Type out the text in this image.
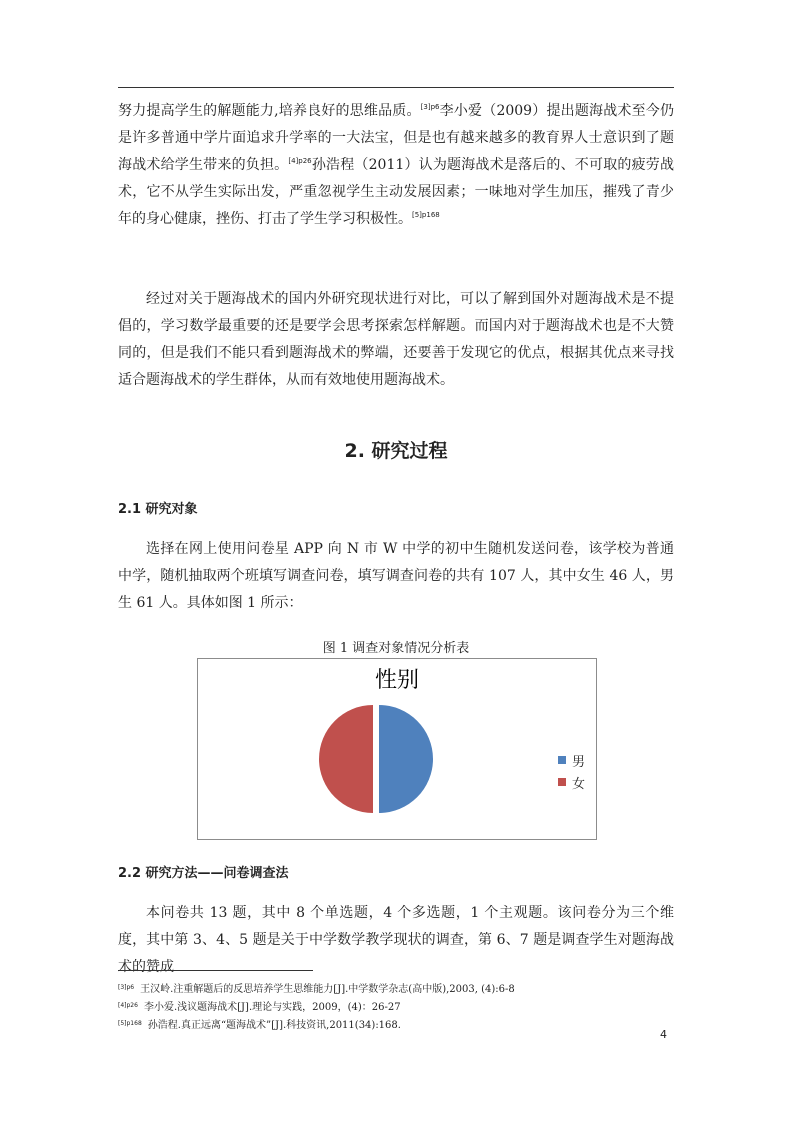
努力提高学生的解题能力,培养良好的思维品质。$^{[3]p6}$李小爱（2009）提出题海战术至今仍是许多普通中学片面追求升学率的一大法宝，但是也有越来越多的教育界人士意识到了题海战术给学生带来的负担。$^{[4]p26}$孙浩程（2011）认为题海战术是落后的、不可取的疲劳战术，它不从学生实际出发，严重忽视学生主动发展因素；一味地对学生加压，摧残了青少年的身心健康，挫伤、打击了学生学习积极性。$^{[5]p168}$

经过对关于题海战术的国内外研究现状进行对比，可以了解到国外对题海战术是不提倡的，学习数学最重要的还是要学会思考探索怎样解题。而国内对于题海战术也是不大赞同的，但是我们不能只看到题海战术的弊端，还要善于发现它的优点，根据其优点来寻找适合题海战术的学生群体，从而有效地使用题海战术。

2. 研究过程
2.1 研究对象

选择在网上使用问卷星 APP 向 N 市 W 中学的初中生随机发送问卷，该学校为普通中学，随机抽取两个班填写调查问卷，填写调查问卷的共有 107 人，其中女生 46 人，男生 61 人。具体如图 1 所示：

图 1 调查对象情况分析表
性别
男
女
2.2 研究方法——问卷调查法

本问卷共 13 题，其中 8 个单选题，4 个多选题，1 个主观题。该问卷分为三个维度，其中第 3、4、5 题是关于中学数学教学现状的调查，第 6、7 题是调查学生对题海战术的赞成

$^{[3]p6}$ 王汉岭.注重解题后的反思培养学生思维能力[J].中学数学杂志(高中版),2003, (4):6-8

$^{[4]p26}$ 李小爱.浅议题海战术[J].理论与实践，2009，(4)：26-27

$^{[5]p168}$ 孙浩程.真正远离“题海战术”[J].科技资讯,2011(34):168.

4
